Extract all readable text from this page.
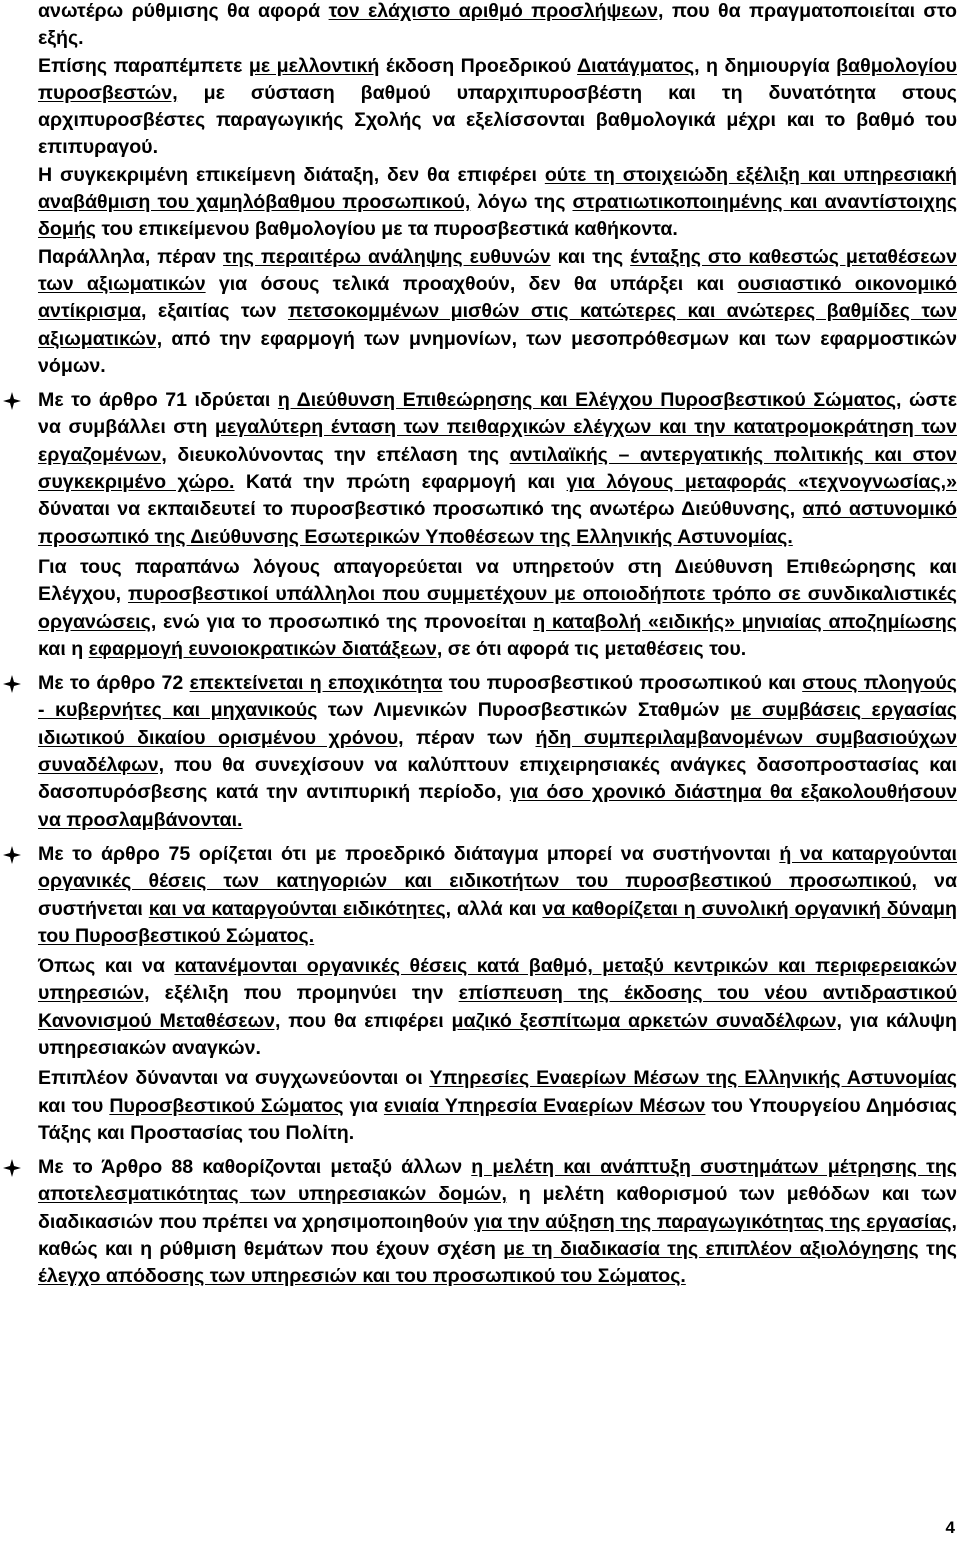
ανωτέρω ρύθμισης θα αφορά τον ελάχιστο αριθμό προσλήψεων, που θα πραγματοποιείται στο εξής.

Επίσης παραπέμπετε με μελλοντική έκδοση Προεδρικού Διατάγματος, η δημιουργία βαθμολογίου πυροσβεστών, με σύσταση βαθμού υπαρχιπυροσβέστη και τη δυνατότητα στους αρχιπυροσβέστες παραγωγικής Σχολής να εξελίσσονται βαθμολογικά μέχρι και το βαθμό του επιπυραγού.

Η συγκεκριμένη επικείμενη διάταξη, δεν θα επιφέρει ούτε τη στοιχειώδη εξέλιξη και υπηρεσιακή αναβάθμιση του χαμηλόβαθμου προσωπικού, λόγω της στρατιωτικοποιημένης και αναντίστοιχης δομής του επικείμενου βαθμολογίου με τα πυροσβεστικά καθήκοντα.

Παράλληλα, πέραν της περαιτέρω ανάληψης ευθυνών και της ένταξης στο καθεστώς μεταθέσεων των αξιωματικών για όσους τελικά προαχθούν, δεν θα υπάρξει και ουσιαστικό οικονομικό αντίκρισμα, εξαιτίας των πετσοκομμένων μισθών στις κατώτερες και ανώτερες βαθμίδες των αξιωματικών, από την εφαρμογή των μνημονίων, των μεσοπρόθεσμων και των εφαρμοστικών νόμων.

Με το άρθρο 71 ιδρύεται η Διεύθυνση Επιθεώρησης και Ελέγχου Πυροσβεστικού Σώματος, ώστε να συμβάλλει στη μεγαλύτερη ένταση των πειθαρχικών ελέγχων και την κατατρομοκράτηση των εργαζομένων, διευκολύνοντας την επέλαση της αντιλαϊκής – αντεργατικής πολιτικής και στον συγκεκριμένο χώρο. Κατά την πρώτη εφαρμογή και για λόγους μεταφοράς «τεχνογνωσίας,» δύναται να εκπαιδευτεί το πυροσβεστικό προσωπικό της ανωτέρω Διεύθυνσης, από αστυνομικό προσωπικό της Διεύθυνσης Εσωτερικών Υποθέσεων της Ελληνικής Αστυνομίας.

Για τους παραπάνω λόγους απαγορεύεται να υπηρετούν στη Διεύθυνση Επιθεώρησης και Ελέγχου, πυροσβεστικοί υπάλληλοι που συμμετέχουν με οποιοδήποτε τρόπο σε συνδικαλιστικές οργανώσεις, ενώ για το προσωπικό της προνοείται η καταβολή «ειδικής» μηνιαίας αποζημίωσης και η εφαρμογή ευνοιοκρατικών διατάξεων, σε ότι αφορά τις μεταθέσεις του.

Με το άρθρο 72 επεκτείνεται η εποχικότητα του πυροσβεστικού προσωπικού και στους πλοηγούς - κυβερνήτες και μηχανικούς των Λιμενικών Πυροσβεστικών Σταθμών με συμβάσεις εργασίας ιδιωτικού δικαίου ορισμένου χρόνου, πέραν των ήδη συμπεριλαμβανομένων συμβασιούχων συναδέλφων, που θα συνεχίσουν να καλύπτουν επιχειρησιακές ανάγκες δασοπροστασίας και δασοπυρόσβεσης κατά την αντιπυρική περίοδο, για όσο χρονικό διάστημα θα εξακολουθήσουν να προσλαμβάνονται.

Με το άρθρο 75 ορίζεται ότι με προεδρικό διάταγμα μπορεί να συστήνονται ή να καταργούνται οργανικές θέσεις των κατηγοριών και ειδικοτήτων του πυροσβεστικού προσωπικού, να συστήνεται και να καταργούνται ειδικότητες, αλλά και να καθορίζεται η συνολική οργανική δύναμη του Πυροσβεστικού Σώματος.

Όπως και να κατανέμονται οργανικές θέσεις κατά βαθμό, μεταξύ κεντρικών και περιφερειακών υπηρεσιών, εξέλιξη που προμηνύει την επίσπευση της έκδοσης του νέου αντιδραστικού Κανονισμού Μεταθέσεων, που θα επιφέρει μαζικό ξεσπίτωμα αρκετών συναδέλφων, για κάλυψη υπηρεσιακών αναγκών.

Επιπλέον δύνανται να συγχωνεύονται οι Υπηρεσίες Εναερίων Μέσων της Ελληνικής Αστυνομίας και του Πυροσβεστικού Σώματος για ενιαία Υπηρεσία Εναερίων Μέσων του Υπουργείου Δημόσιας Τάξης και Προστασίας του Πολίτη.

Με το Άρθρο 88 καθορίζονται μεταξύ άλλων η μελέτη και ανάπτυξη συστημάτων μέτρησης της αποτελεσματικότητας των υπηρεσιακών δομών, η μελέτη καθορισμού των μεθόδων και των διαδικασιών που πρέπει να χρησιμοποιηθούν για την αύξηση της παραγωγικότητας της εργασίας, καθώς και η ρύθμιση θεμάτων που έχουν σχέση με τη διαδικασία της επιπλέον αξιολόγησης της έλεγχο απόδοσης των υπηρεσιών και του προσωπικού του Σώματος.

4
